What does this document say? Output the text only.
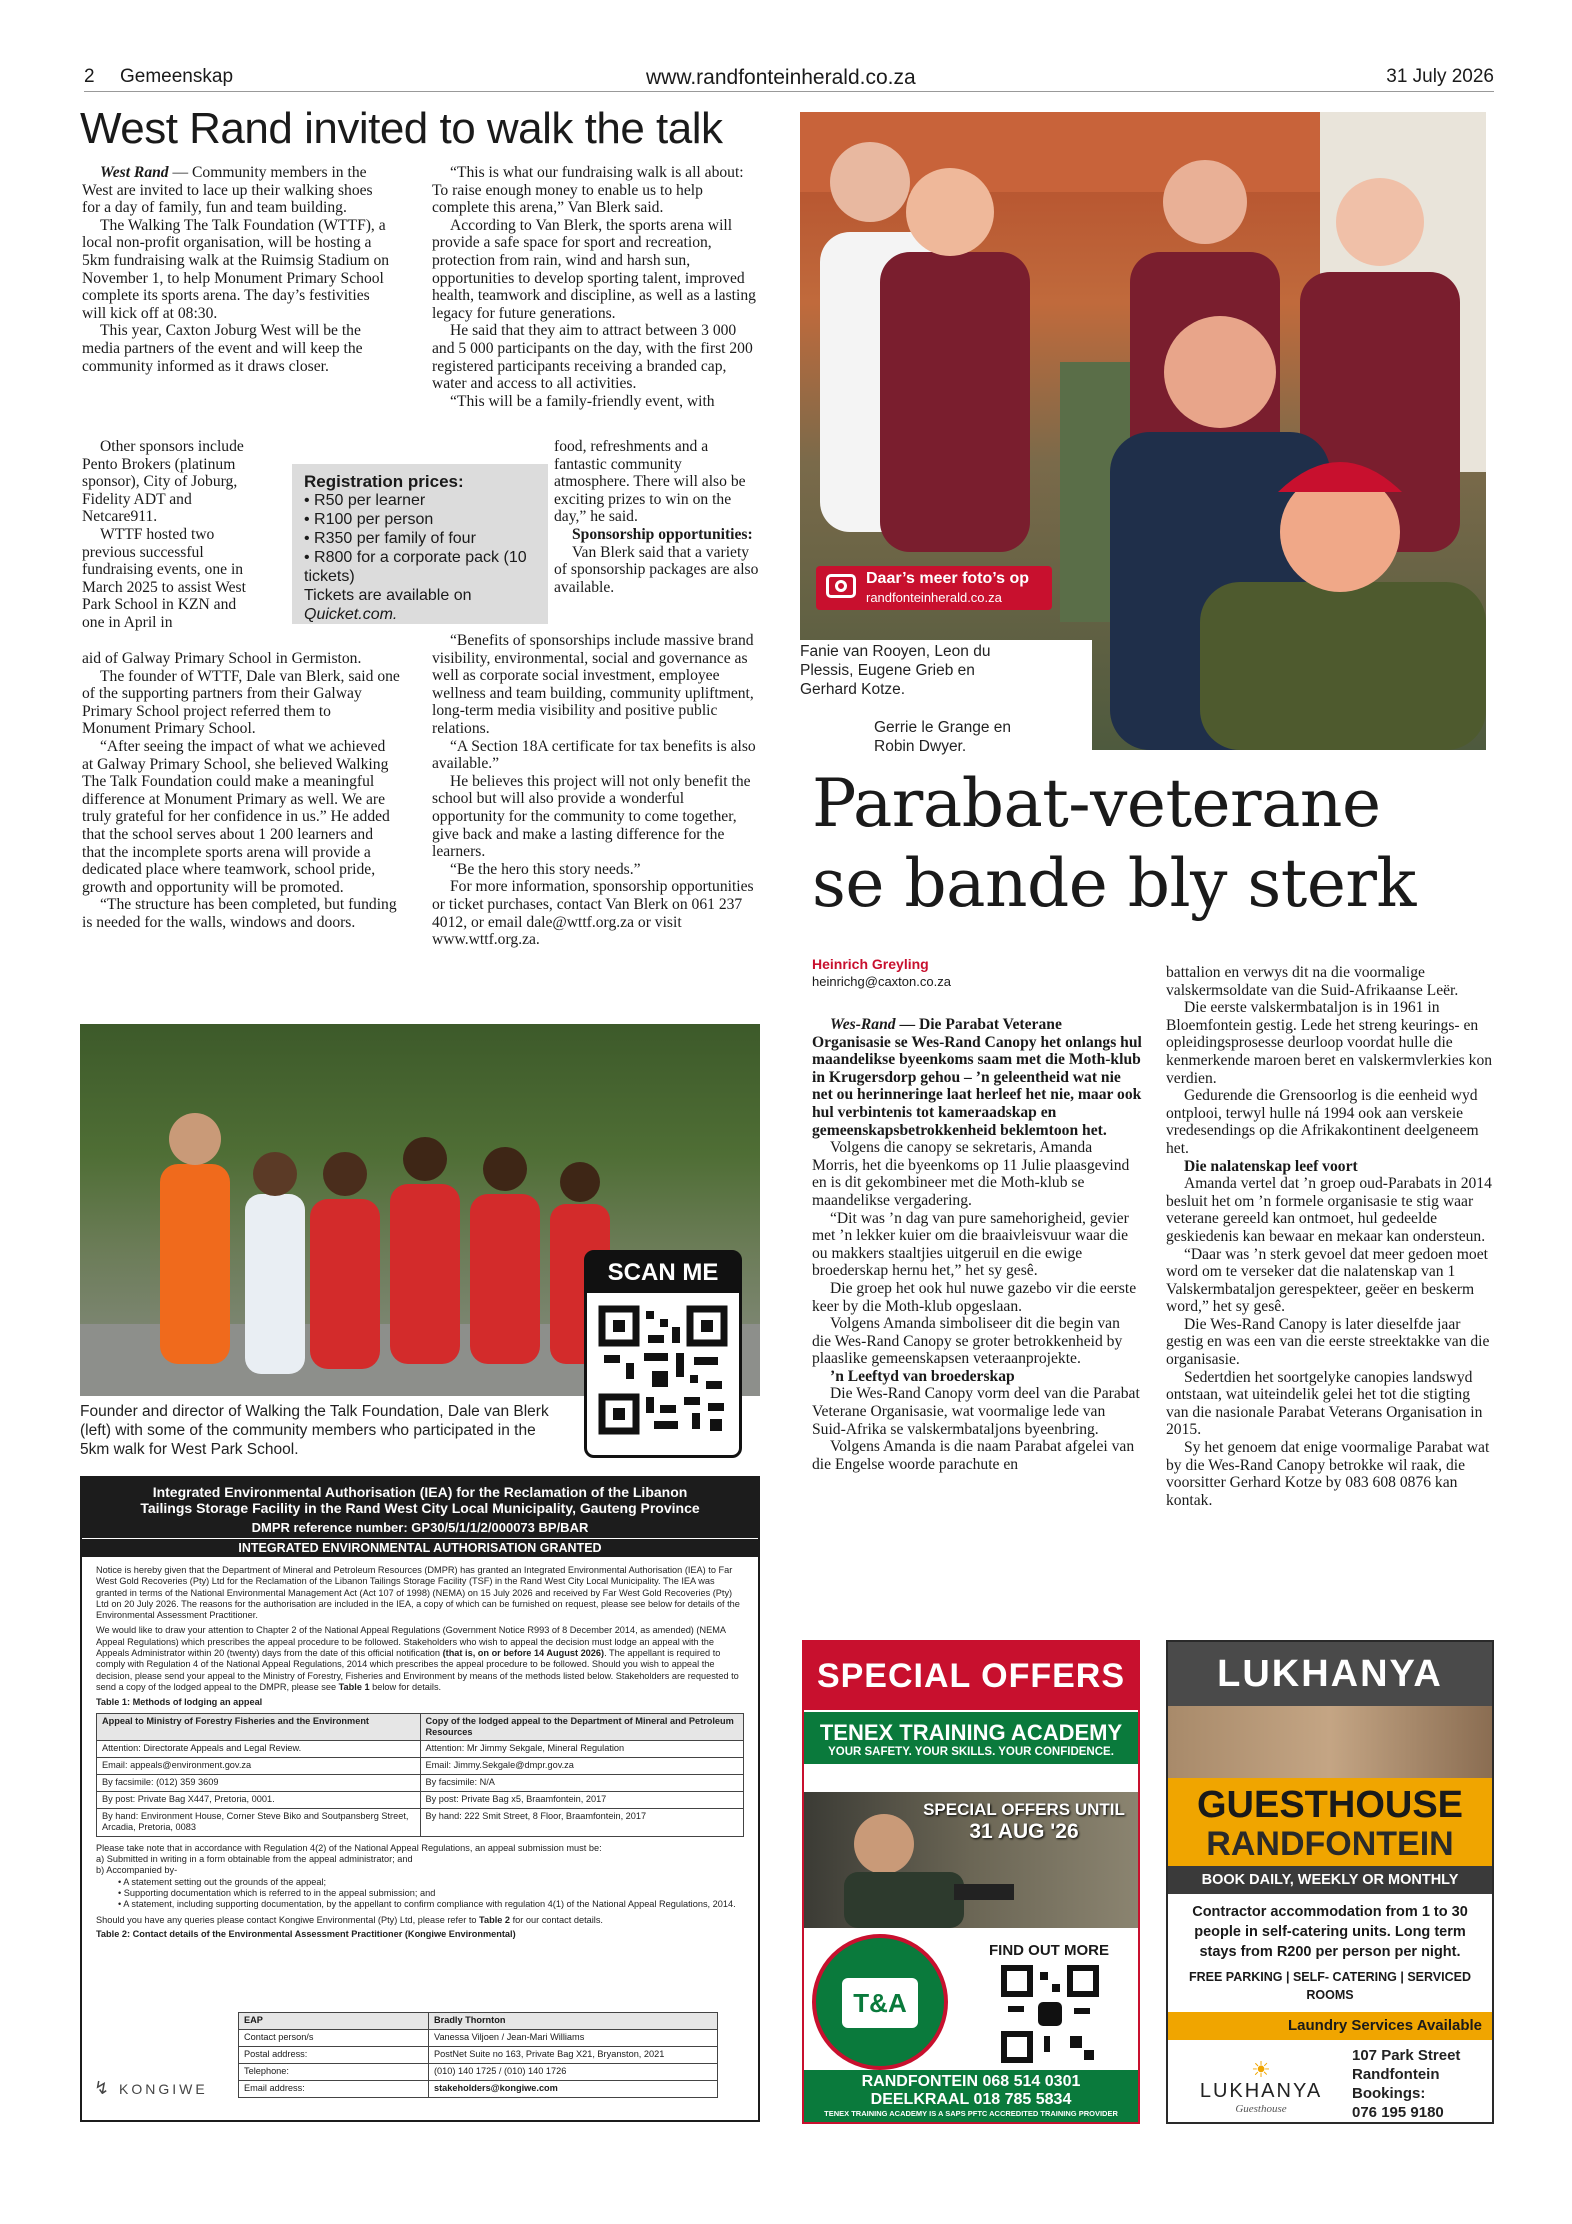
2 Gemeenskap	www.randfonteinherald.co.za	31 July 2026
West Rand invited to walk the talk

West Rand — Community members in the West are invited to lace up their walking shoes for a day of family, fun and team building.

The Walking The Talk Foundation (WTTF), a local non-profit organisation, will be hosting a 5km fundraising walk at the Ruimsig Stadium on November 1, to help Monument Primary School complete its sports arena. The day’s festivities will kick off at 08:30.

This year, Caxton Joburg West will be the media partners of the event and will keep the community informed as it draws closer.

Other sponsors include Pento Brokers (platinum sponsor), City of Joburg, Fidelity ADT and Netcare911.

WTTF hosted two previous successful fundraising events, one in March 2025 to assist West Park School in KZN and one in April in

aid of Galway Primary School in Germiston.

The founder of WTTF, Dale van Blerk, said one of the supporting partners from their Galway Primary School project referred them to Monument Primary School.

“After seeing the impact of what we achieved at Galway Primary School, she believed Walking The Talk Foundation could make a meaningful difference at Monument Primary as well. We are truly grateful for her confidence in us.” He added that the school serves about 1 200 learners and that the incomplete sports arena will provide a dedicated place where teamwork, school pride, growth and opportunity will be promoted.

“The structure has been completed, but funding is needed for the walls, windows and doors.

“This is what our fundraising walk is all about: To raise enough money to enable us to help complete this arena,” Van Blerk said.

According to Van Blerk, the sports arena will provide a safe space for sport and recreation, protection from rain, wind and harsh sun, opportunities to develop sporting talent, improved health, teamwork and discipline, as well as a lasting legacy for future generations.

He said that they aim to attract between 3 000 and 5 000 participants on the day, with the first 200 registered participants receiving a branded cap, water and access to all activities.

“This will be a family-friendly event, with

food, refreshments and a fantastic community atmosphere. There will also be exciting prizes to win on the day,” he said.

Sponsorship opportunities:

Van Blerk said that a variety of sponsorship packages are also available.

“Benefits of sponsorships include massive brand visibility, environmental, social and governance as well as corporate social investment, employee wellness and team building, community upliftment, long-term media visibility and positive public relations.

“A Section 18A certificate for tax benefits is also available.”

He believes this project will not only benefit the school but will also provide a wonderful opportunity for the community to come together, give back and make a lasting difference for the learners.

“Be the hero this story needs.”

For more information, sponsorship opportunities or ticket purchases, contact Van Blerk on 061 237 4012, or email dale@wttf.org.za or visit www.wttf.org.za.

Registration prices:
• R50 per learner
• R100 per person
• R350 per family of four
• R800 for a corporate pack (10 tickets)
Tickets are available on
Quicket.com.
SCAN ME
Founder and director of Walking the Talk Foundation, Dale van Blerk (left) with some of the community members who participated in the 5km walk for West Park School.
Integrated Environmental Authorisation (IEA) for the Reclamation of the Libanon
Tailings Storage Facility in the Rand West City Local Municipality, Gauteng Province
DMPR reference number: GP30/5/1/1/2/000073 BP/BAR
INTEGRATED ENVIRONMENTAL AUTHORISATION GRANTED

Notice is hereby given that the Department of Mineral and Petroleum Resources (DMPR) has granted an Integrated Environmental Authorisation (IEA) to Far West Gold Recoveries (Pty) Ltd for the Reclamation of the Libanon Tailings Storage Facility (TSF) in the Rand West City Local Municipality. The IEA was granted in terms of the National Environmental Management Act (Act 107 of 1998) (NEMA) on 15 July 2026 and received by Far West Gold Recoveries (Pty) Ltd on 20 July 2026. The reasons for the authorisation are included in the IEA, a copy of which can be furnished on request, please see below for details of the Environmental Assessment Practitioner.

We would like to draw your attention to Chapter 2 of the National Appeal Regulations (Government Notice R993 of 8 December 2014, as amended) (NEMA Appeal Regulations) which prescribes the appeal procedure to be followed. Stakeholders who wish to appeal the decision must lodge an appeal with the Appeals Administrator within 20 (twenty) days from the date of this official notification (that is, on or before 14 August 2026). The appellant is required to comply with Regulation 4 of the National Appeal Regulations, 2014 which prescribes the appeal procedure to be followed. Should you wish to appeal the decision, please send your appeal to the Ministry of Forestry, Fisheries and Environment by means of the methods listed below. Stakeholders are requested to send a copy of the lodged appeal to the DMPR, please see Table 1 below for details.

Table 1: Methods of lodging an appeal

Appeal to Ministry of Forestry Fisheries and the Environment	Copy of the lodged appeal to the Department of Mineral and Petroleum Resources
Attention: Directorate Appeals and Legal Review.	Attention: Mr Jimmy Sekgale, Mineral Regulation
Email: appeals@environment.gov.za	Email: Jimmy.Sekgale@dmpr.gov.za
By facsimile: (012) 359 3609	By facsimile: N/A
By post: Private Bag X447, Pretoria, 0001.	By post: Private Bag x5, Braamfontein, 2017
By hand: Environment House, Corner Steve Biko and Soutpansberg Street, Arcadia, Pretoria, 0083	By hand: 222 Smit Street, 8 Floor, Braamfontein, 2017

Please take note that in accordance with Regulation 4(2) of the National Appeal Regulations, an appeal submission must be:

a) Submitted in writing in a form obtainable from the appeal administrator; and
b) Accompanied by-
• A statement setting out the grounds of the appeal;
• Supporting documentation which is referred to in the appeal submission; and
• A statement, including supporting documentation, by the appellant to confirm compliance with regulation 4(1) of the National Appeal Regulations, 2014.

Should you have any queries please contact Kongiwe Environmental (Pty) Ltd, please refer to Table 2 for our contact details.

Table 2: Contact details of the Environmental Assessment Practitioner (Kongiwe Environmental)

EAP	Bradly Thornton
Contact person/s	Vanessa Viljoen / Jean-Mari Williams
Postal address:	PostNet Suite no 163, Private Bag X21, Bryanston, 2021
Telephone:	(010) 140 1725 / (010) 140 1726
Email address:	stakeholders@kongiwe.com
↯ KONGIWE
Daar’s meer foto’s op
randfonteinherald.co.za
Fanie van Rooyen, Leon du Plessis, Eugene Grieb en Gerhard Kotze.
Gerrie le Grange en Robin Dwyer.
Parabat-veterane
se bande bly sterk
Heinrich Greyling
heinrichg@caxton.co.za

Wes-Rand — Die Parabat Veterane Organisasie se Wes-Rand Canopy het onlangs hul maandelikse byeenkoms saam met die Moth-klub in Krugersdorp gehou – ’n geleentheid wat nie net ou herinneringe laat herleef het nie, maar ook hul verbintenis tot kameraadskap en gemeenskapsbetrokkenheid beklemtoon het.

Volgens die canopy se sekretaris, Amanda Morris, het die byeenkoms op 11 Julie plaasgevind en is dit gekombineer met die Moth-klub se maandelikse vergadering.

“Dit was ’n dag van pure samehorigheid, gevier met ’n lekker kuier om die braaivleisvuur waar die ou makkers staaltjies uitgeruil en die ewige broederskap hernu het,” het sy gesê.

Die groep het ook hul nuwe gazebo vir die eerste keer by die Moth-klub opgeslaan.

Volgens Amanda simboliseer dit die begin van die Wes-Rand Canopy se groter betrokkenheid by plaaslike gemeenskapsen veteraanprojekte.

’n Leeftyd van broederskap

Die Wes-Rand Canopy vorm deel van die Parabat Veterane Organisasie, wat voormalige lede van Suid-Afrika se valskermbataljons byeenbring.

Volgens Amanda is die naam Parabat afgelei van die Engelse woorde parachute en

battalion en verwys dit na die voormalige valskermsoldate van die Suid-Afrikaanse Leër.

Die eerste valskermbataljon is in 1961 in Bloemfontein gestig. Lede het streng keurings- en opleidingsprosesse deurloop voordat hulle die kenmerkende maroen beret en valskermvlerkies kon verdien.

Gedurende die Grensoorlog is die eenheid wyd ontplooi, terwyl hulle ná 1994 ook aan verskeie vredesendings op die Afrikakontinent deelgeneem het.

Die nalatenskap leef voort

Amanda vertel dat ’n groep oud-Parabats in 2014 besluit het om ’n formele organisasie te stig waar veterane gereeld kan ontmoet, hul gedeelde geskiedenis kan bewaar en mekaar kan ondersteun.

“Daar was ’n sterk gevoel dat meer gedoen moet word om te verseker dat die nalatenskap van 1 Valskermbataljon gerespekteer, geëer en beskerm word,” het sy gesê.

Die Wes-Rand Canopy is later dieselfde jaar gestig en was een van die eerste streektakke van die organisasie.

Sedertdien het soortgelyke canopies landswyd ontstaan, wat uiteindelik gelei het tot die stigting van die nasionale Parabat Veterans Organisation in 2015.

Sy het genoem dat enige voormalige Parabat wat by die Wes-Rand Canopy betrokke wil raak, die voorsitter Gerhard Kotze by 083 608 0876 kan kontak.

SPECIAL OFFERS
TENEX TRAINING ACADEMY
YOUR SAFETY. YOUR SKILLS. YOUR CONFIDENCE.
SPECIAL OFFERS UNTIL
31 AUG '26
T&A
FIND OUT MORE
RANDFONTEIN 068 514 0301
DEELKRAAL 018 785 5834
TENEX TRAINING ACADEMY IS A SAPS PFTC ACCREDITED TRAINING PROVIDER
LUKHANYA
GUESTHOUSE
RANDFONTEIN
BOOK DAILY, WEEKLY OR MONTHLY
Contractor accommodation from 1 to 30 people in self-catering units. Long term stays from R200 per person per night.
FREE PARKING | SELF- CATERING | SERVICED ROOMS
Laundry Services Available
☀
LUKHANYA
Guesthouse
107 Park Street
Randfontein
Bookings:
076 195 9180
